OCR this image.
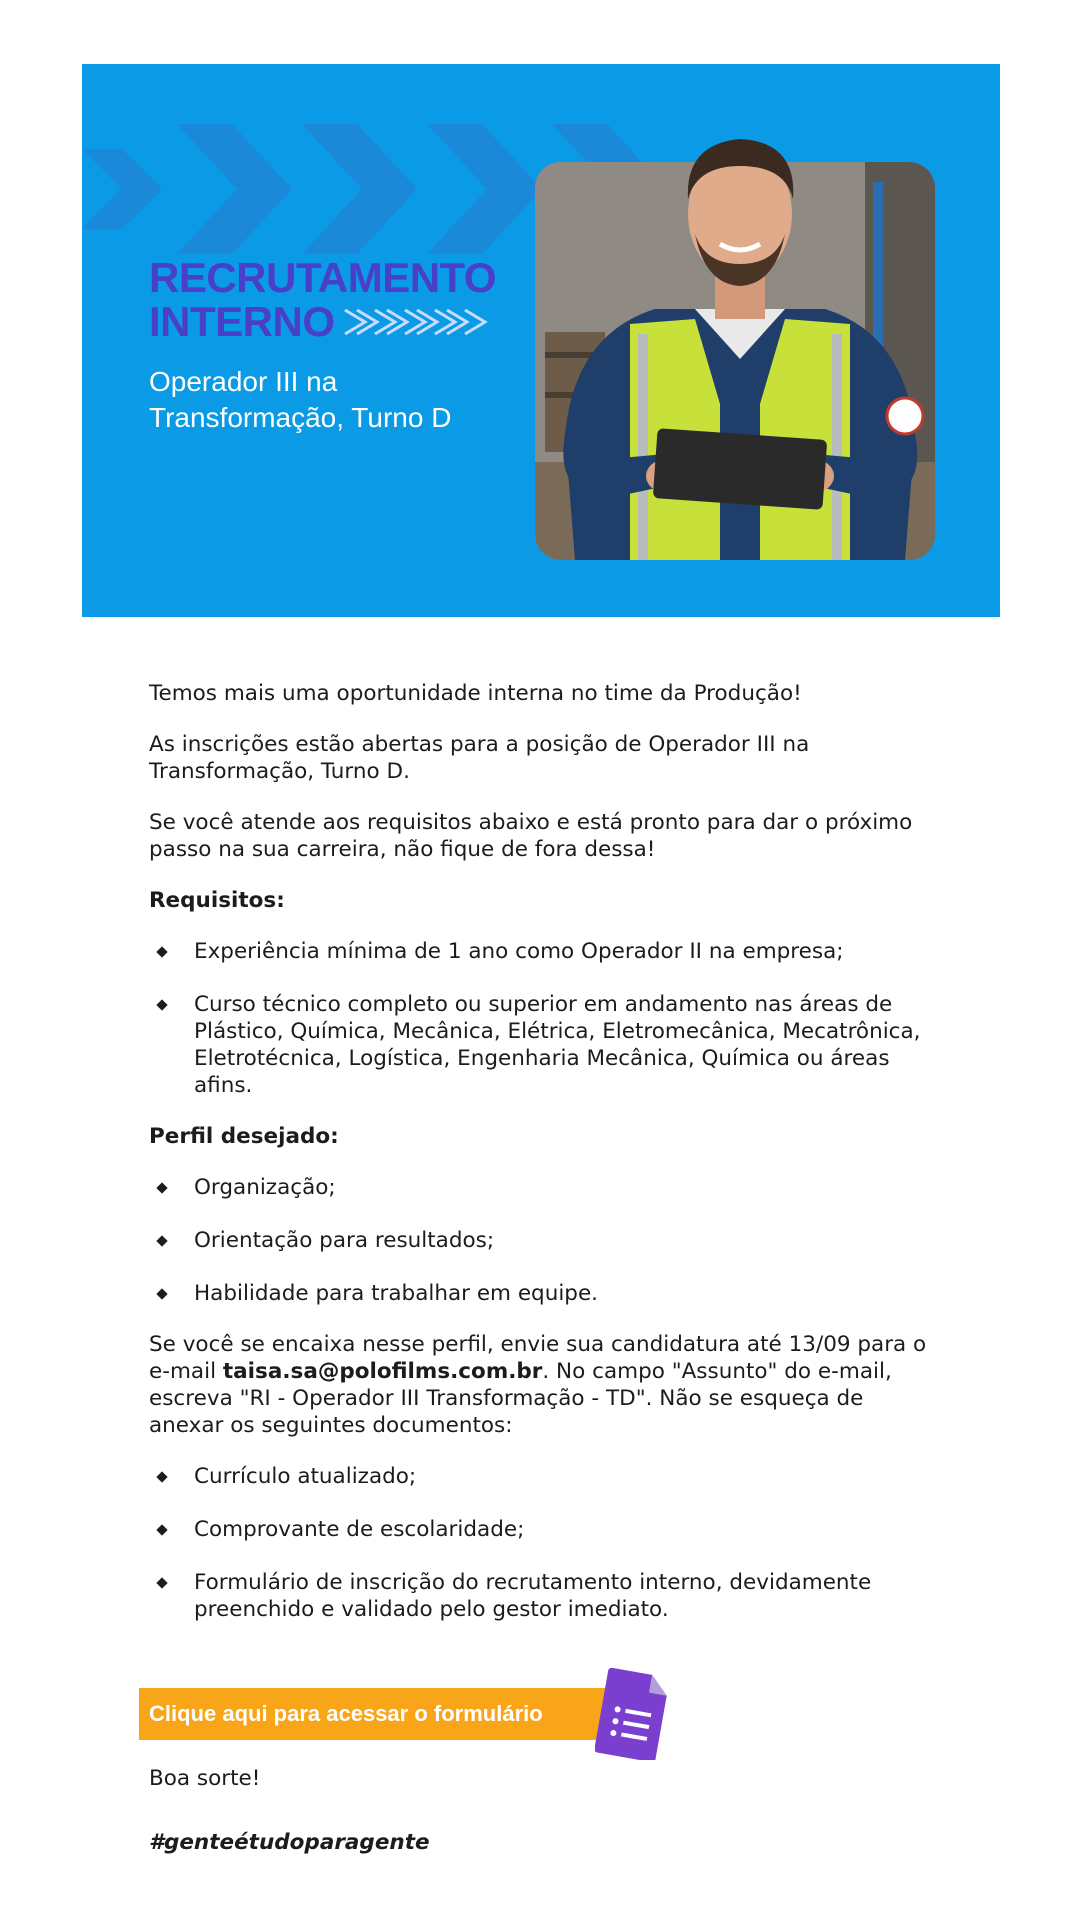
RECRUTAMENTO
INTERNO
Operador III na Transformação, Turno D

Temos mais uma oportunidade interna no time da Produção!

As inscrições estão abertas para a posição de Operador III na Transformação, Turno D.

Se você atende aos requisitos abaixo e está pronto para dar o próximo passo na sua carreira, não fique de fora dessa!

Requisitos:

Experiência mínima de 1 ano como Operador II na empresa;
Curso técnico completo ou superior em andamento nas áreas de Plástico, Química, Mecânica, Elétrica, Eletromecânica, Mecatrônica, Eletrotécnica, Logística, Engenharia Mecânica, Química ou áreas afins.

Perfil desejado:

Organização;
Orientação para resultados;
Habilidade para trabalhar em equipe.

Se você se encaixa nesse perfil, envie sua candidatura até 13/09 para o e-mail taisa.sa@polofilms.com.br. No campo "Assunto" do e-mail, escreva "RI - Operador III Transformação - TD". Não se esqueça de anexar os seguintes documentos:

Currículo atualizado;
Comprovante de escolaridade;
Formulário de inscrição do recrutamento interno, devidamente preenchido e validado pelo gestor imediato.
Clique aqui para acessar o formulário
Boa sorte!
#genteétudoparagente
